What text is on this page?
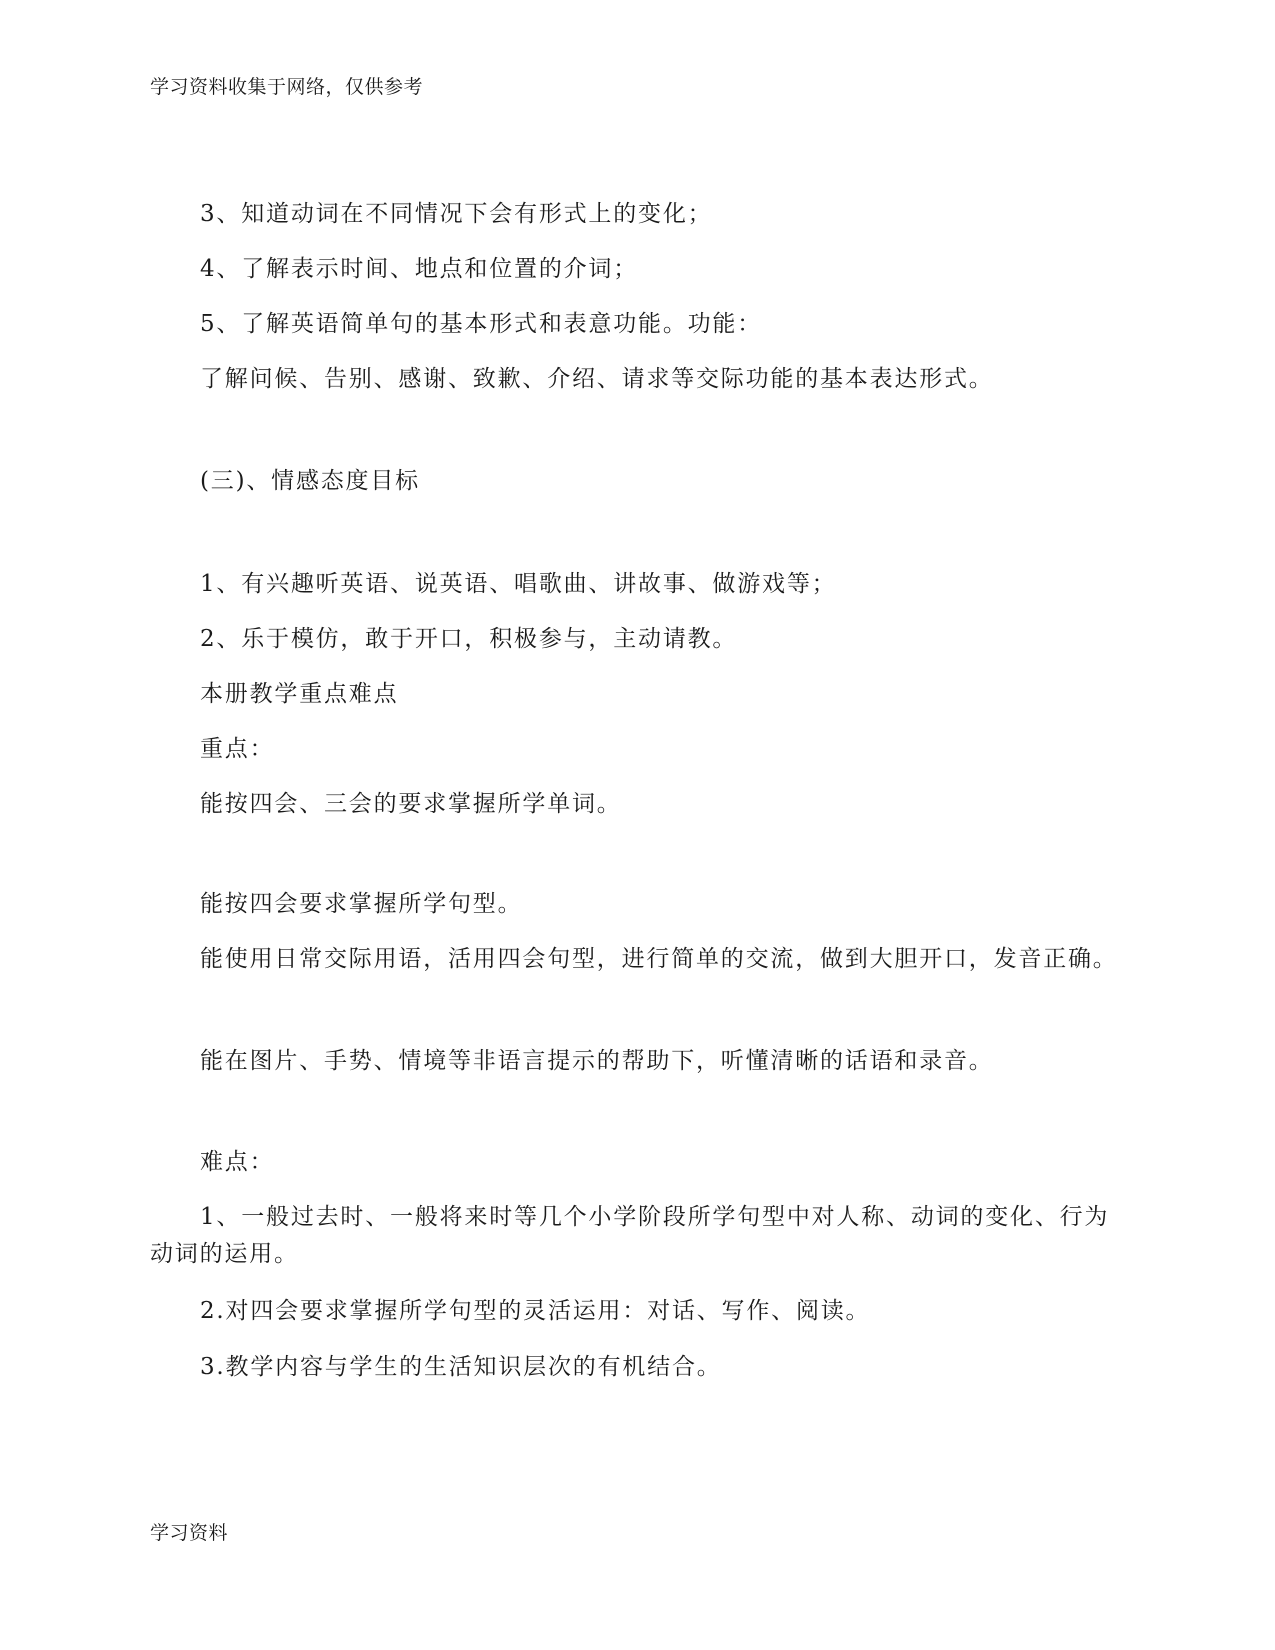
学习资料收集于网络，仅供参考
3、知道动词在不同情况下会有形式上的变化；
4、了解表示时间、地点和位置的介词；
5、了解英语简单句的基本形式和表意功能。功能：
了解问候、告别、感谢、致歉、介绍、请求等交际功能的基本表达形式。
(三)、情感态度目标
1、有兴趣听英语、说英语、唱歌曲、讲故事、做游戏等；
2、乐于模仿，敢于开口，积极参与，主动请教。
本册教学重点难点
重点：
能按四会、三会的要求掌握所学单词。
能按四会要求掌握所学句型。
能使用日常交际用语，活用四会句型，进行简单的交流，做到大胆开口，发音正确。
能在图片、手势、情境等非语言提示的帮助下，听懂清晰的话语和录音。
难点：
1、一般过去时、一般将来时等几个小学阶段所学句型中对人称、动词的变化、行为
动词的运用。
2.对四会要求掌握所学句型的灵活运用：对话、写作、阅读。
3.教学内容与学生的生活知识层次的有机结合。
学习资料
